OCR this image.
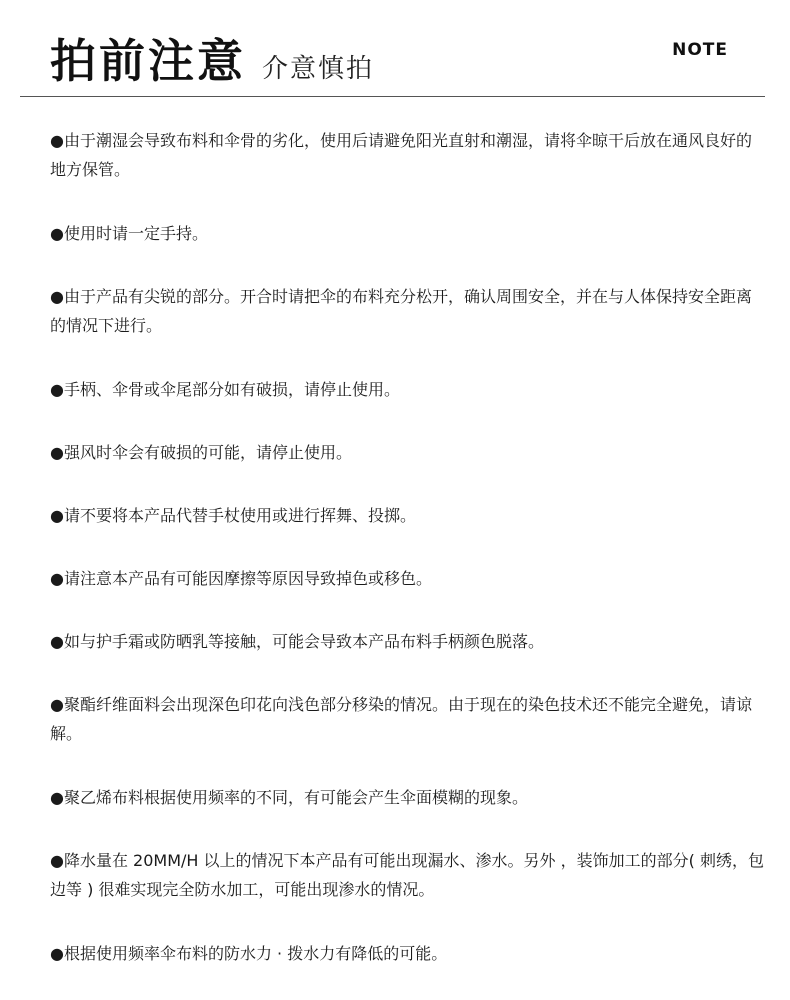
拍前注意 介意慎拍
NOTE
●由于潮湿会导致布料和伞骨的劣化，使用后请避免阳光直射和潮湿，请将伞晾干后放在通风良好的地方保管。
●使用时请一定手持。
●由于产品有尖锐的部分。开合时请把伞的布料充分松开，确认周围安全，并在与人体保持安全距离的情况下进行。
●手柄、伞骨或伞尾部分如有破损，请停止使用。
●强风时伞会有破损的可能，请停止使用。
●请不要将本产品代替手杖使用或进行挥舞、投掷。
●请注意本产品有可能因摩擦等原因导致掉色或移色。
●如与护手霜或防晒乳等接触，可能会导致本产品布料手柄颜色脱落。
●聚酯纤维面料会出现深色印花向浅色部分移染的情况。由于现在的染色技术还不能完全避免，请谅解。
●聚乙烯布料根据使用频率的不同，有可能会产生伞面模糊的现象。
●降水量在 20MM/H 以上的情况下本产品有可能出现漏水、渗水。另外 ，装饰加工的部分( 刺绣，包边等 ) 很难实现完全防水加工，可能出现渗水的情况。
●根据使用频率伞布料的防水力 · 拨水力有降低的可能。
